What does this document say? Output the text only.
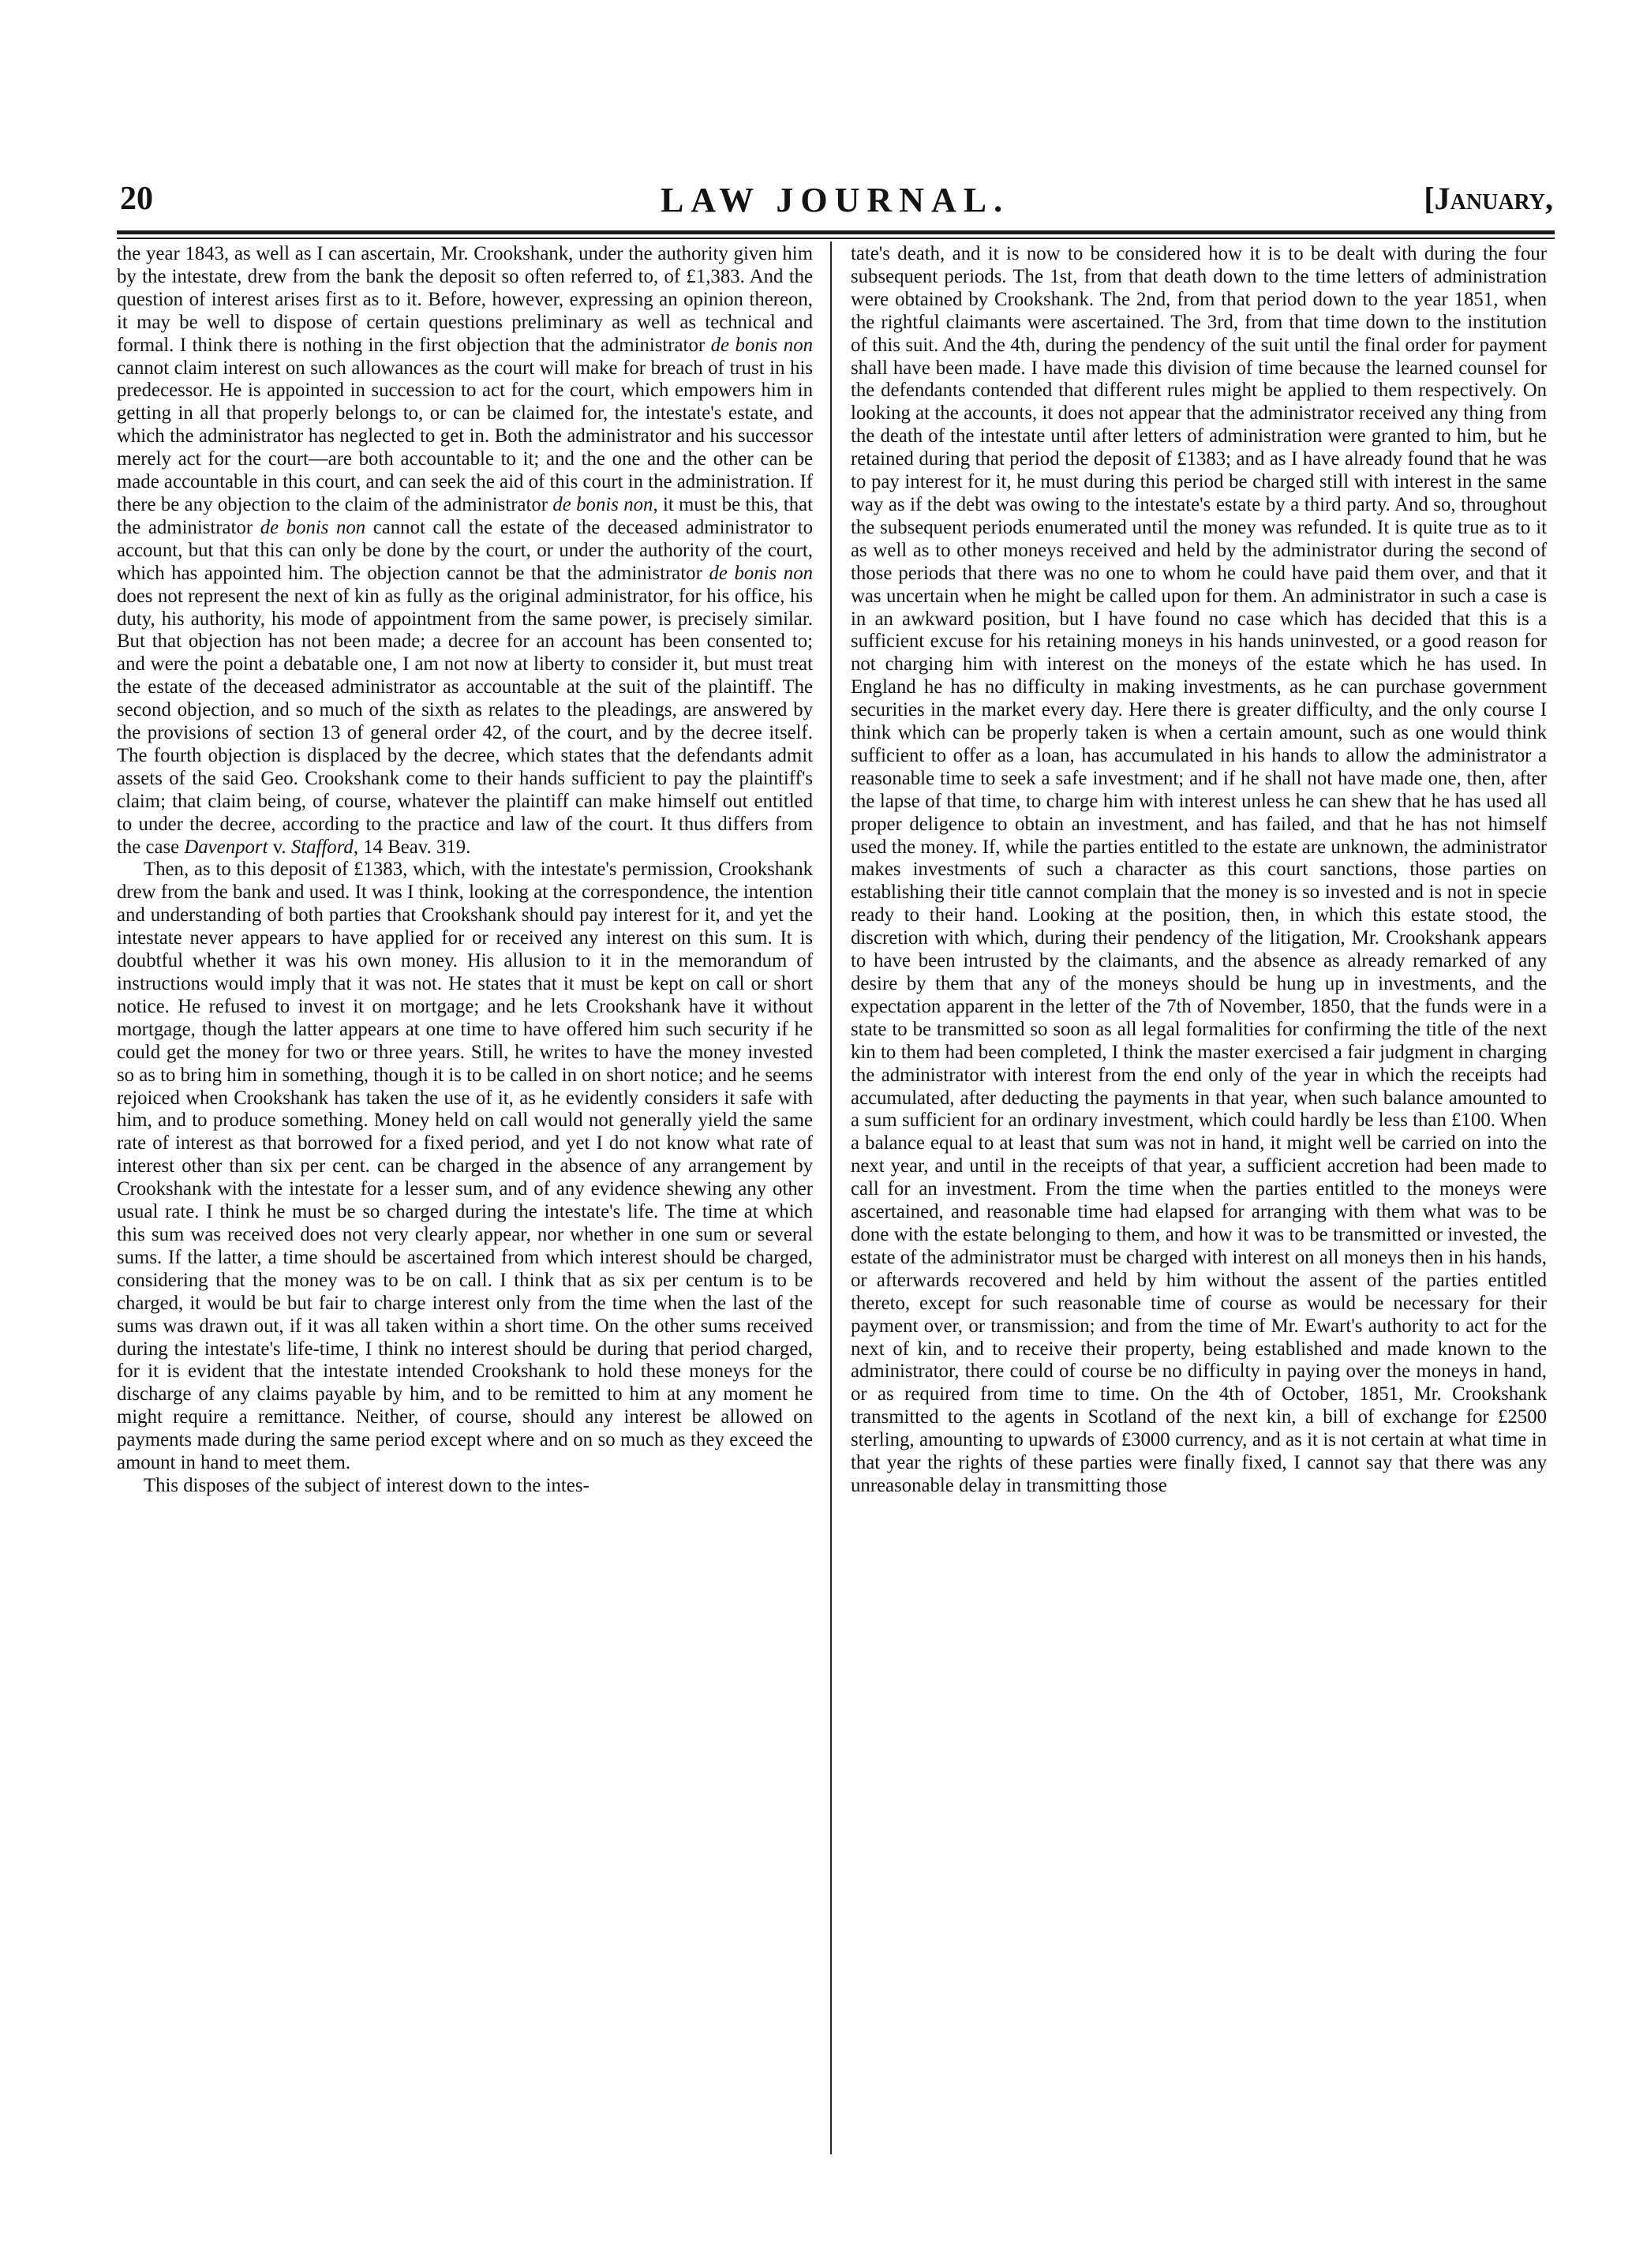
20	LAW JOURNAL.	[January,

the year 1843, as well as I can ascertain, Mr. Crookshank, under the authority given him by the intestate, drew from the bank the deposit so often referred to, of £1,383. And the question of interest arises first as to it. Before, however, expressing an opinion thereon, it may be well to dispose of certain questions preliminary as well as technical and formal. I think there is nothing in the first objection that the administrator de bonis non cannot claim interest on such allowances as the court will make for breach of trust in his predecessor. He is appointed in succession to act for the court, which empowers him in getting in all that properly belongs to, or can be claimed for, the intestate's estate, and which the administrator has neglected to get in. Both the administrator and his successor merely act for the court—are both accountable to it; and the one and the other can be made accountable in this court, and can seek the aid of this court in the administration. If there be any objection to the claim of the administrator de bonis non, it must be this, that the administrator de bonis non cannot call the estate of the deceased administrator to account, but that this can only be done by the court, or under the authority of the court, which has appointed him. The objection cannot be that the administrator de bonis non does not represent the next of kin as fully as the original administrator, for his office, his duty, his authority, his mode of appointment from the same power, is precisely similar. But that objection has not been made; a decree for an account has been consented to; and were the point a debatable one, I am not now at liberty to consider it, but must treat the estate of the deceased administrator as accountable at the suit of the plaintiff. The second objection, and so much of the sixth as relates to the pleadings, are answered by the provisions of section 13 of general order 42, of the court, and by the decree itself. The fourth objection is displaced by the decree, which states that the defendants admit assets of the said Geo. Crookshank come to their hands sufficient to pay the plaintiff's claim; that claim being, of course, whatever the plaintiff can make himself out entitled to under the decree, according to the practice and law of the court. It thus differs from the case Davenport v. Stafford, 14 Beav. 319.

Then, as to this deposit of £1383, which, with the intestate's permission, Crookshank drew from the bank and used. It was I think, looking at the correspondence, the intention and understanding of both parties that Crookshank should pay interest for it, and yet the intestate never appears to have applied for or received any interest on this sum. It is doubtful whether it was his own money. His allusion to it in the memorandum of instructions would imply that it was not. He states that it must be kept on call or short notice. He refused to invest it on mortgage; and he lets Crookshank have it without mortgage, though the latter appears at one time to have offered him such security if he could get the money for two or three years. Still, he writes to have the money invested so as to bring him in something, though it is to be called in on short notice; and he seems rejoiced when Crookshank has taken the use of it, as he evidently considers it safe with him, and to produce something. Money held on call would not generally yield the same rate of interest as that borrowed for a fixed period, and yet I do not know what rate of interest other than six per cent. can be charged in the absence of any arrangement by Crookshank with the intestate for a lesser sum, and of any evidence shewing any other usual rate. I think he must be so charged during the intestate's life. The time at which this sum was received does not very clearly appear, nor whether in one sum or several sums. If the latter, a time should be ascertained from which interest should be charged, considering that the money was to be on call. I think that as six per centum is to be charged, it would be but fair to charge interest only from the time when the last of the sums was drawn out, if it was all taken within a short time. On the other sums received during the intestate's life-time, I think no interest should be during that period charged, for it is evident that the intestate intended Crookshank to hold these moneys for the discharge of any claims payable by him, and to be remitted to him at any moment he might require a remittance. Neither, of course, should any interest be allowed on payments made during the same period except where and on so much as they exceed the amount in hand to meet them.

This disposes of the subject of interest down to the intes-

tate's death, and it is now to be considered how it is to be dealt with during the four subsequent periods. The 1st, from that death down to the time letters of administration were obtained by Crookshank. The 2nd, from that period down to the year 1851, when the rightful claimants were ascertained. The 3rd, from that time down to the institution of this suit. And the 4th, during the pendency of the suit until the final order for payment shall have been made. I have made this division of time because the learned counsel for the defendants contended that different rules might be applied to them respectively. On looking at the accounts, it does not appear that the administrator received any thing from the death of the intestate until after letters of administration were granted to him, but he retained during that period the deposit of £1383; and as I have already found that he was to pay interest for it, he must during this period be charged still with interest in the same way as if the debt was owing to the intestate's estate by a third party. And so, throughout the subsequent periods enumerated until the money was refunded. It is quite true as to it as well as to other moneys received and held by the administrator during the second of those periods that there was no one to whom he could have paid them over, and that it was uncertain when he might be called upon for them. An administrator in such a case is in an awkward position, but I have found no case which has decided that this is a sufficient excuse for his retaining moneys in his hands uninvested, or a good reason for not charging him with interest on the moneys of the estate which he has used. In England he has no difficulty in making investments, as he can purchase government securities in the market every day. Here there is greater difficulty, and the only course I think which can be properly taken is when a certain amount, such as one would think sufficient to offer as a loan, has accumulated in his hands to allow the administrator a reasonable time to seek a safe investment; and if he shall not have made one, then, after the lapse of that time, to charge him with interest unless he can shew that he has used all proper deligence to obtain an investment, and has failed, and that he has not himself used the money. If, while the parties entitled to the estate are unknown, the administrator makes investments of such a character as this court sanctions, those parties on establishing their title cannot complain that the money is so invested and is not in specie ready to their hand. Looking at the position, then, in which this estate stood, the discretion with which, during their pendency of the litigation, Mr. Crookshank appears to have been intrusted by the claimants, and the absence as already remarked of any desire by them that any of the moneys should be hung up in investments, and the expectation apparent in the letter of the 7th of November, 1850, that the funds were in a state to be transmitted so soon as all legal formalities for confirming the title of the next kin to them had been completed, I think the master exercised a fair judgment in charging the administrator with interest from the end only of the year in which the receipts had accumulated, after deducting the payments in that year, when such balance amounted to a sum sufficient for an ordinary investment, which could hardly be less than £100. When a balance equal to at least that sum was not in hand, it might well be carried on into the next year, and until in the receipts of that year, a sufficient accretion had been made to call for an investment. From the time when the parties entitled to the moneys were ascertained, and reasonable time had elapsed for arranging with them what was to be done with the estate belonging to them, and how it was to be transmitted or invested, the estate of the administrator must be charged with interest on all moneys then in his hands, or afterwards recovered and held by him without the assent of the parties entitled thereto, except for such reasonable time of course as would be necessary for their payment over, or transmission; and from the time of Mr. Ewart's authority to act for the next of kin, and to receive their property, being established and made known to the administrator, there could of course be no difficulty in paying over the moneys in hand, or as required from time to time. On the 4th of October, 1851, Mr. Crookshank transmitted to the agents in Scotland of the next kin, a bill of exchange for £2500 sterling, amounting to upwards of £3000 currency, and as it is not certain at what time in that year the rights of these parties were finally fixed, I cannot say that there was any unreasonable delay in transmitting those
